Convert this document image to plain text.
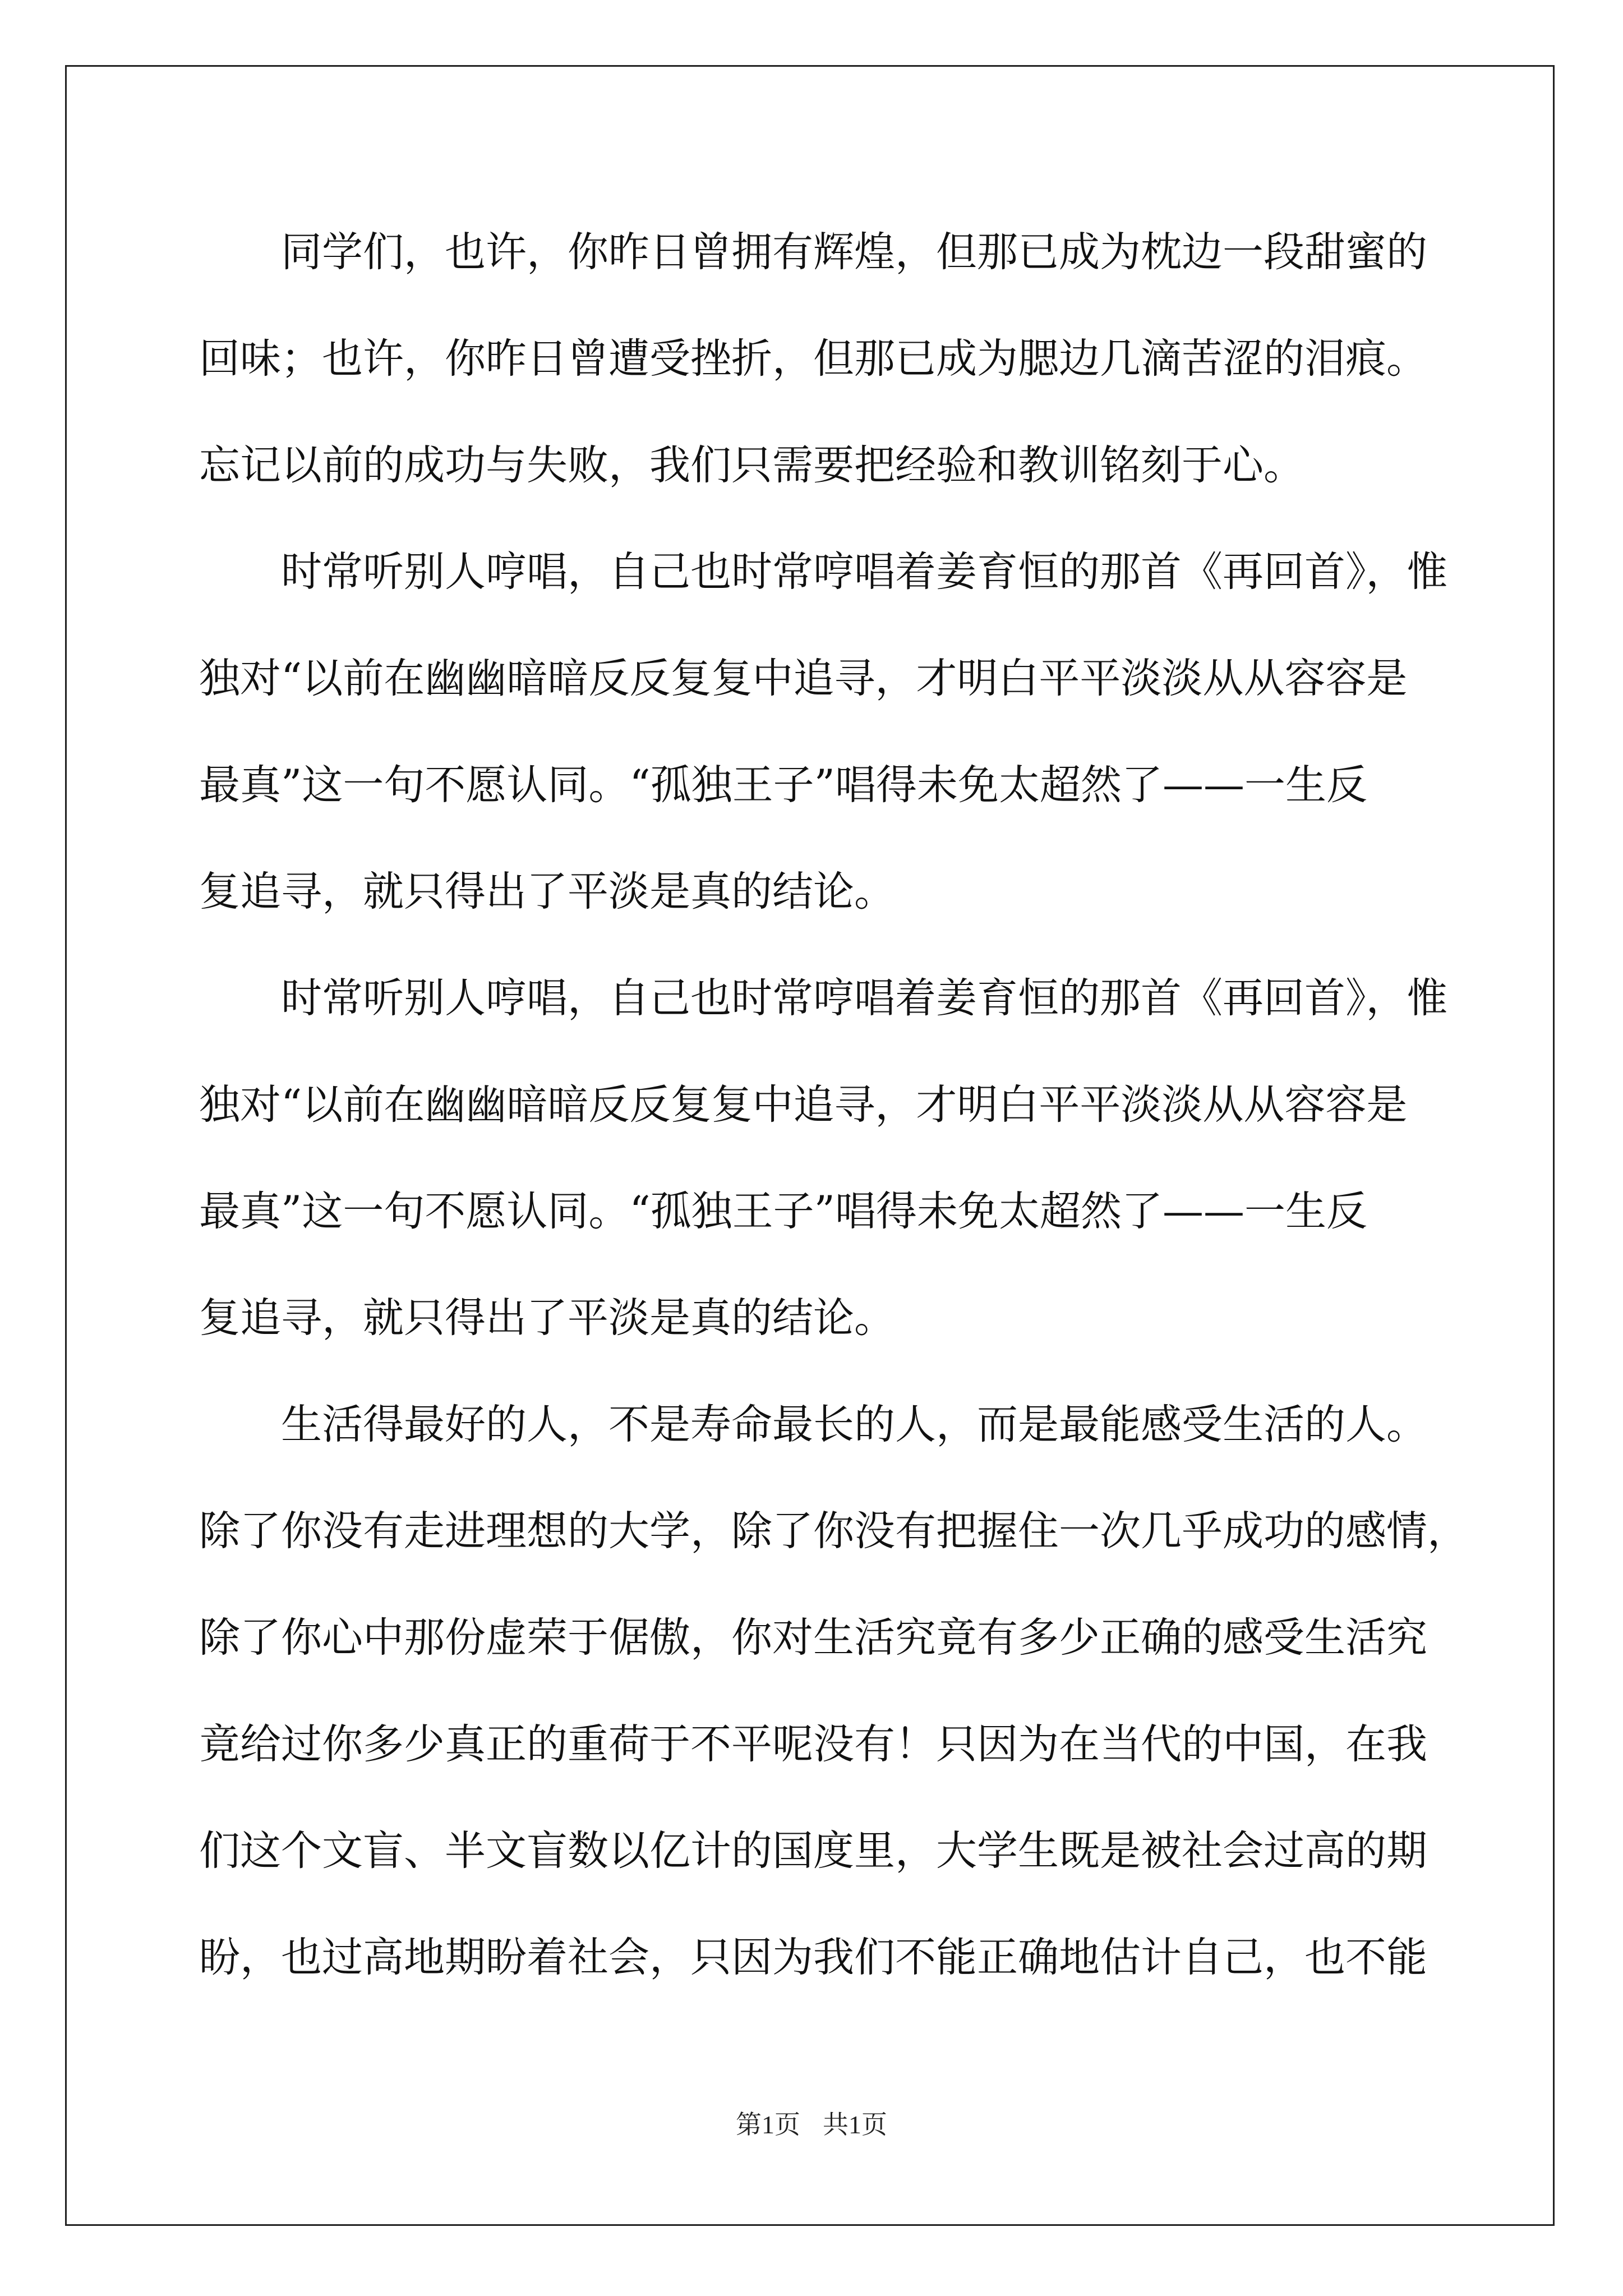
　　同学们，也许，你昨日曾拥有辉煌，但那已成为枕边一段甜蜜的
回味；也许，你昨日曾遭受挫折，但那已成为腮边几滴苦涩的泪痕。
忘记以前的成功与失败，我们只需要把经验和教训铭刻于心。
　　时常听别人哼唱，自己也时常哼唱着姜育恒的那首《再回首》，惟
独对“以前在幽幽暗暗反反复复中追寻，才明白平平淡淡从从容容是
最真”这一句不愿认同。“孤独王子”唱得未免太超然了——一生反
复追寻，就只得出了平淡是真的结论。
　　时常听别人哼唱，自己也时常哼唱着姜育恒的那首《再回首》，惟
独对“以前在幽幽暗暗反反复复中追寻，才明白平平淡淡从从容容是
最真”这一句不愿认同。“孤独王子”唱得未免太超然了——一生反
复追寻，就只得出了平淡是真的结论。
　　生活得最好的人，不是寿命最长的人，而是最能感受生活的人。
除了你没有走进理想的大学，除了你没有把握住一次几乎成功的感情，
除了你心中那份虚荣于倨傲，你对生活究竟有多少正确的感受生活究
竟给过你多少真正的重荷于不平呢没有！只因为在当代的中国，在我
们这个文盲、半文盲数以亿计的国度里，大学生既是被社会过高的期
盼，也过高地期盼着社会，只因为我们不能正确地估计自己，也不能
第1页 共1页
